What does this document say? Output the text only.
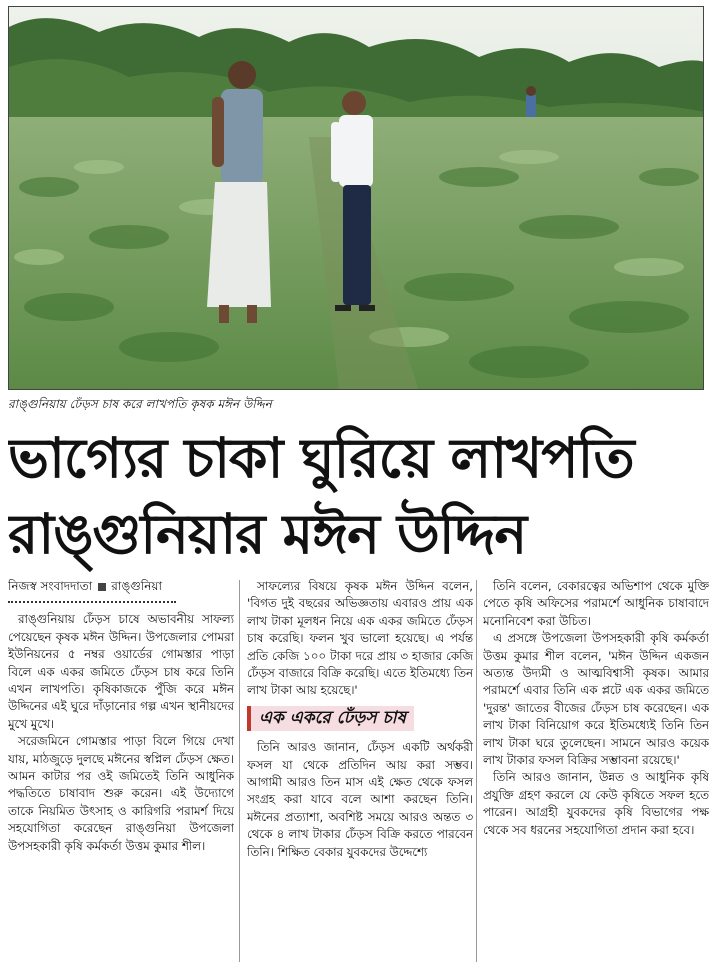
রাঙ্গুনিয়ায় ঢেঁড়স চাষ করে লাখপতি কৃষক মঈন উদ্দিন
ভাগ্যের চাকা ঘুরিয়ে লাখপতি
রাঙ্গুনিয়ার মঈন উদ্দিন

নিজস্ব সংবাদদাতা রাঙ্গুনিয়া

রাঙ্গুনিয়ায় ঢেঁড়স চাষে অভাবনীয় সাফল্য পেয়েছেন কৃষক মঈন উদ্দিন। উপজেলার পোমরা ইউনিয়নের ৫ নম্বর ওয়ার্ডের গোমস্তার পাড়া বিলে এক একর জমিতে ঢেঁড়স চাষ করে তিনি এখন লাখপতি। কৃষিকাজকে পুঁজি করে মঈন উদ্দিনের এই ঘুরে দাঁড়ানোর গল্প এখন স্থানীয়দের মুখে মুখে।

সরেজমিনে গোমস্তার পাড়া বিলে গিয়ে দেখা যায়, মাঠজুড়ে দুলছে মঈনের স্বপ্নিল ঢেঁড়স ক্ষেত। আমন কাটার পর ওই জমিতেই তিনি আধুনিক পদ্ধতিতে চাষাবাদ শুরু করেন। এই উদ্যোগে তাকে নিয়মিত উৎসাহ ও কারিগরি পরামর্শ দিয়ে সহযোগিতা করেছেন রাঙ্গুনিয়া উপজেলা উপসহকারী কৃষি কর্মকর্তা উত্তম কুমার শীল।

সাফল্যের বিষয়ে কৃষক মঈন উদ্দিন বলেন, 'বিগত দুই বছরের অভিজ্ঞতায় এবারও প্রায় এক লাখ টাকা মূলধন নিয়ে এক একর জমিতে ঢেঁড়স চাষ করেছি। ফলন খুব ভালো হয়েছে। এ পর্যন্ত প্রতি কেজি ১০০ টাকা দরে প্রায় ৩ হাজার কেজি ঢেঁড়স বাজারে বিক্রি করেছি। এতে ইতিমধ্যে তিন লাখ টাকা আয় হয়েছে।'

এক একরে ঢেঁড়স চাষ

তিনি আরও জানান, ঢেঁড়স একটি অর্থকরী ফসল যা থেকে প্রতিদিন আয় করা সম্ভব। আগামী আরও তিন মাস এই ক্ষেত থেকে ফসল সংগ্রহ করা যাবে বলে আশা করছেন তিনি। মঈনের প্রত্যাশা, অবশিষ্ট সময়ে আরও অন্তত ৩ থেকে ৪ লাখ টাকার ঢেঁড়স বিক্রি করতে পারবেন তিনি। শিক্ষিত বেকার যুবকদের উদ্দেশ্যে

তিনি বলেন, বেকারত্বের অভিশাপ থেকে মুক্তি পেতে কৃষি অফিসের পরামর্শে আধুনিক চাষাবাদে মনোনিবেশ করা উচিত।

এ প্রসঙ্গে উপজেলা উপসহকারী কৃষি কর্মকর্তা উত্তম কুমার শীল বলেন, 'মঈন উদ্দিন একজন অত্যন্ত উদ্যমী ও আত্মবিশ্বাসী কৃষক। আমার পরামর্শে এবার তিনি এক প্লটে এক একর জমিতে 'দুরন্ত' জাতের বীজের ঢেঁড়স চাষ করেছেন। এক লাখ টাকা বিনিয়োগ করে ইতিমধ্যেই তিনি তিন লাখ টাকা ঘরে তুলেছেন। সামনে আরও কয়েক লাখ টাকার ফসল বিক্রির সম্ভাবনা রয়েছে।'

তিনি আরও জানান, উন্নত ও আধুনিক কৃষি প্রযুক্তি গ্রহণ করলে যে কেউ কৃষিতে সফল হতে পারেন। আগ্রহী যুবকদের কৃষি বিভাগের পক্ষ থেকে সব ধরনের সহযোগিতা প্রদান করা হবে।
